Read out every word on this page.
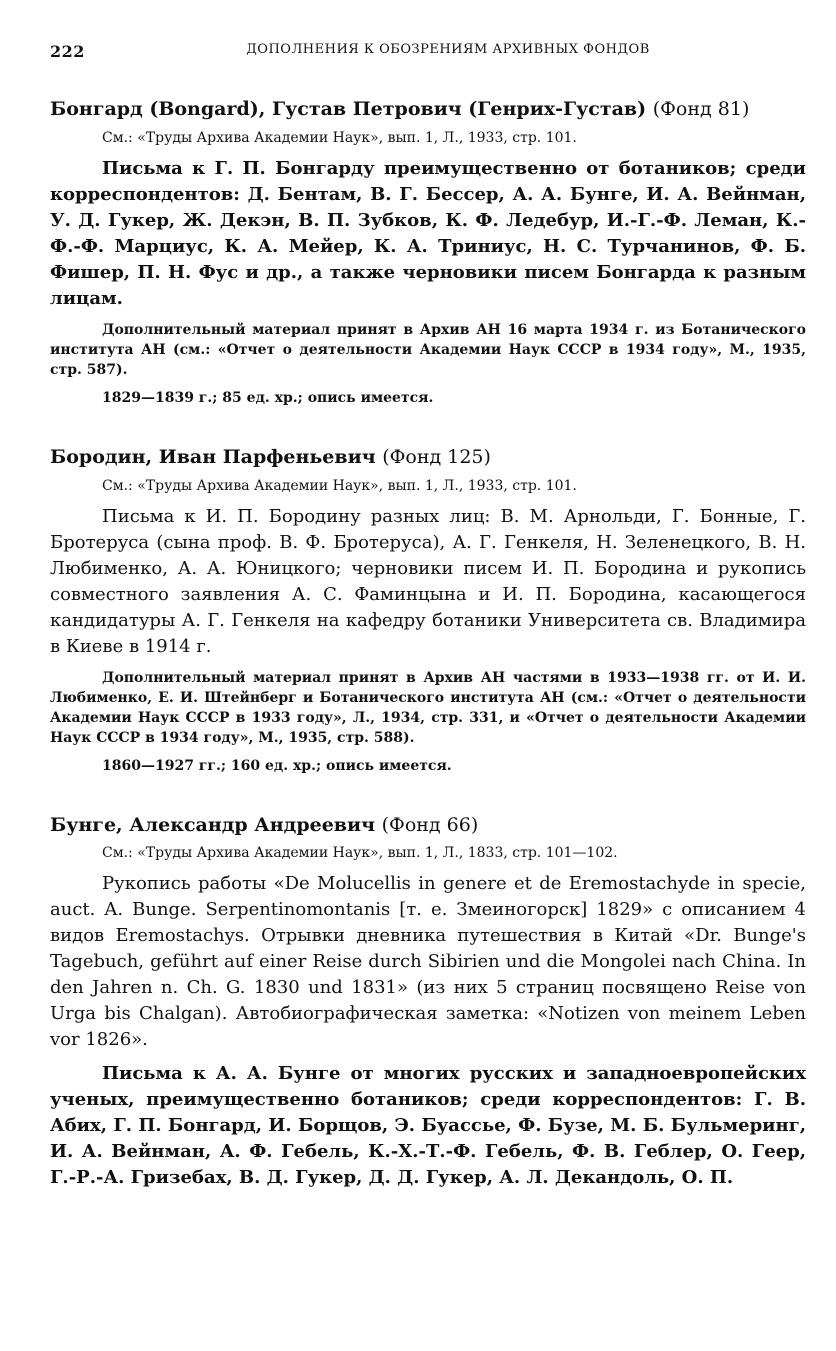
222	ДОПОЛНЕНИЯ К ОБОЗРЕНИЯМ АРХИВНЫХ ФОНДОВ

Бонгард (Bongard), Густав Петрович (Генрих-Густав) (Фонд 81)

См.: «Труды Архива Академии Наук», вып. 1, Л., 1933, стр. 101.

Письма к Г. П. Бонгарду преимущественно от ботаников; среди корреспондентов: Д. Бентам, В. Г. Бессер, А. А. Бунге, И. А. Вейнман, У. Д. Гукер, Ж. Декэн, В. П. Зубков, К. Ф. Ледебур, И.-Г.-Ф. Леман, К.-Ф.-Ф. Марциус, К. А. Мейер, К. А. Триниус, Н. С. Турчанинов, Ф. Б. Фишер, П. Н. Фус и др., а также черновики писем Бонгарда к разным лицам.

Дополнительный материал принят в Архив АН 16 марта 1934 г. из Ботанического института АН (см.: «Отчет о деятельности Академии Наук СССР в 1934 году», М., 1935, стр. 587).

1829—1839 г.; 85 ед. хр.; опись имеется.

Бородин, Иван Парфеньевич (Фонд 125)

См.: «Труды Архива Академии Наук», вып. 1, Л., 1933, стр. 101.

Письма к И. П. Бородину разных лиц: В. М. Арнольди, Г. Бонные, Г. Бротеруса (сына проф. В. Ф. Бротеруса), А. Г. Генкеля, Н. Зеленецкого, В. Н. Любименко, А. А. Юницкого; черновики писем И. П. Бородина и рукопись совместного заявления А. С. Фаминцына и И. П. Бородина, касающегося кандидатуры А. Г. Генкеля на кафедру ботаники Университета св. Владимира в Киеве в 1914 г.

Дополнительный материал принят в Архив АН частями в 1933—1938 гг. от И. И. Любименко, Е. И. Штейнберг и Ботанического института АН (см.: «Отчет о деятельности Академии Наук СССР в 1933 году», Л., 1934, стр. 331, и «Отчет о деятельности Академии Наук СССР в 1934 году», М., 1935, стр. 588).

1860—1927 гг.; 160 ед. хр.; опись имеется.

Бунге, Александр Андреевич (Фонд 66)

См.: «Труды Архива Академии Наук», вып. 1, Л., 1833, стр. 101—102.

Рукопись работы «De Molucellis in genere et de Eremostachyde in specie, auct. A. Bunge. Serpentinomontanis [т. е. Змеиногорск] 1829» с описанием 4 видов Eremostachys. Отрывки дневника путешествия в Китай «Dr. Bunge's Tagebuch, geführt auf einer Reise durch Sibirien und die Mongolei nach China. In den Jahren n. Ch. G. 1830 und 1831» (из них 5 страниц посвящено Reise von Urga bis Chalgan). Автобиографическая заметка: «Notizen von meinem Leben vor 1826».

Письма к А. А. Бунге от многих русских и западноевропейских ученых, преимущественно ботаников; среди корреспондентов: Г. В. Абих, Г. П. Бонгард, И. Борщов, Э. Буассье, Ф. Бузе, М. Б. Бульмеринг, И. А. Вейнман, А. Ф. Гебель, К.-Х.-Т.-Ф. Гебель, Ф. В. Геблер, О. Геер, Г.-Р.-А. Гризебах, В. Д. Гукер, Д. Д. Гукер, А. Л. Декандоль, О. П.
